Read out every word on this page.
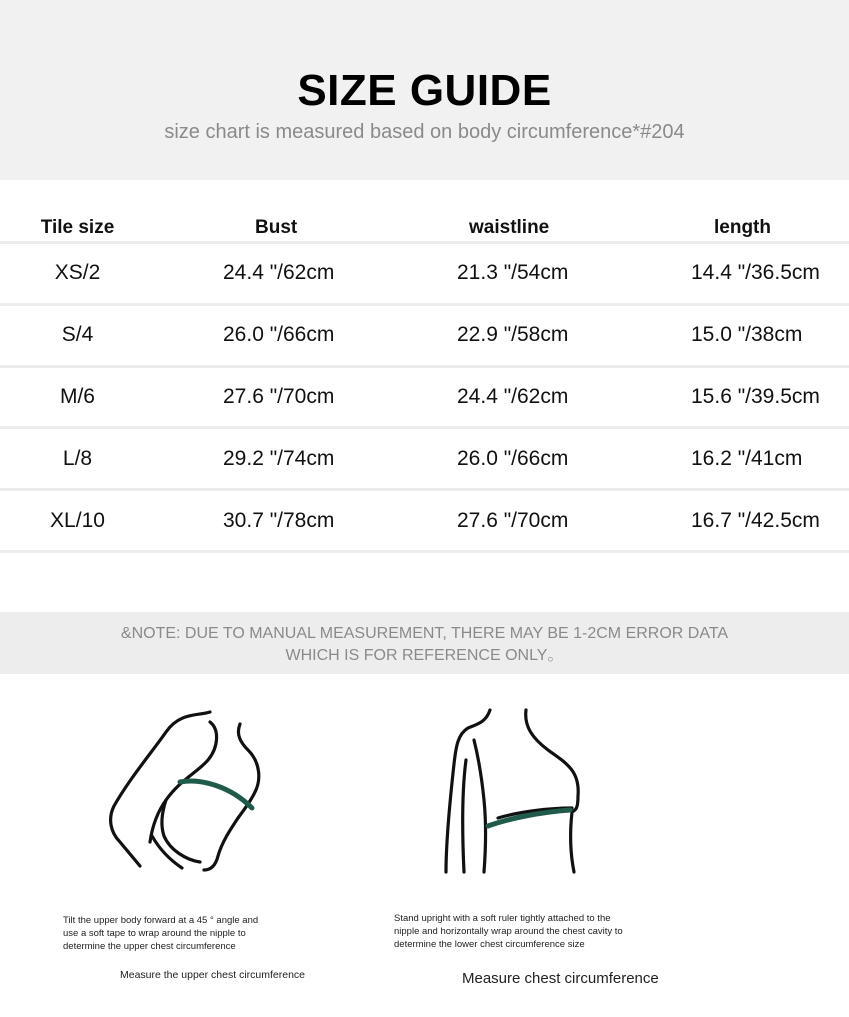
SIZE GUIDE
size chart is measured based on body circumference*#204
Tile size	Bust	waistline	length
XS/2	24.4 "/62cm	21.3 "/54cm	14.4 "/36.5cm
S/4	26.0 "/66cm	22.9 "/58cm	15.0 "/38cm
M/6	27.6 "/70cm	24.4 "/62cm	15.6 "/39.5cm
L/8	29.2 "/74cm	26.0 "/66cm	16.2 "/41cm
XL/10	30.7 "/78cm	27.6 "/70cm	16.7 "/42.5cm
&NOTE: DUE TO MANUAL MEASUREMENT, THERE MAY BE 1-2CM ERROR DATA
WHICH IS FOR REFERENCE ONLY。
Tilt the upper body forward at a 45 ° angle and
use a soft tape to wrap around the nipple to
determine the upper chest circumference
Measure the upper chest circumference
Stand upright with a soft ruler tightly attached to the
nipple and horizontally wrap around the chest cavity to
determine the lower chest circumference size
Measure chest circumference
